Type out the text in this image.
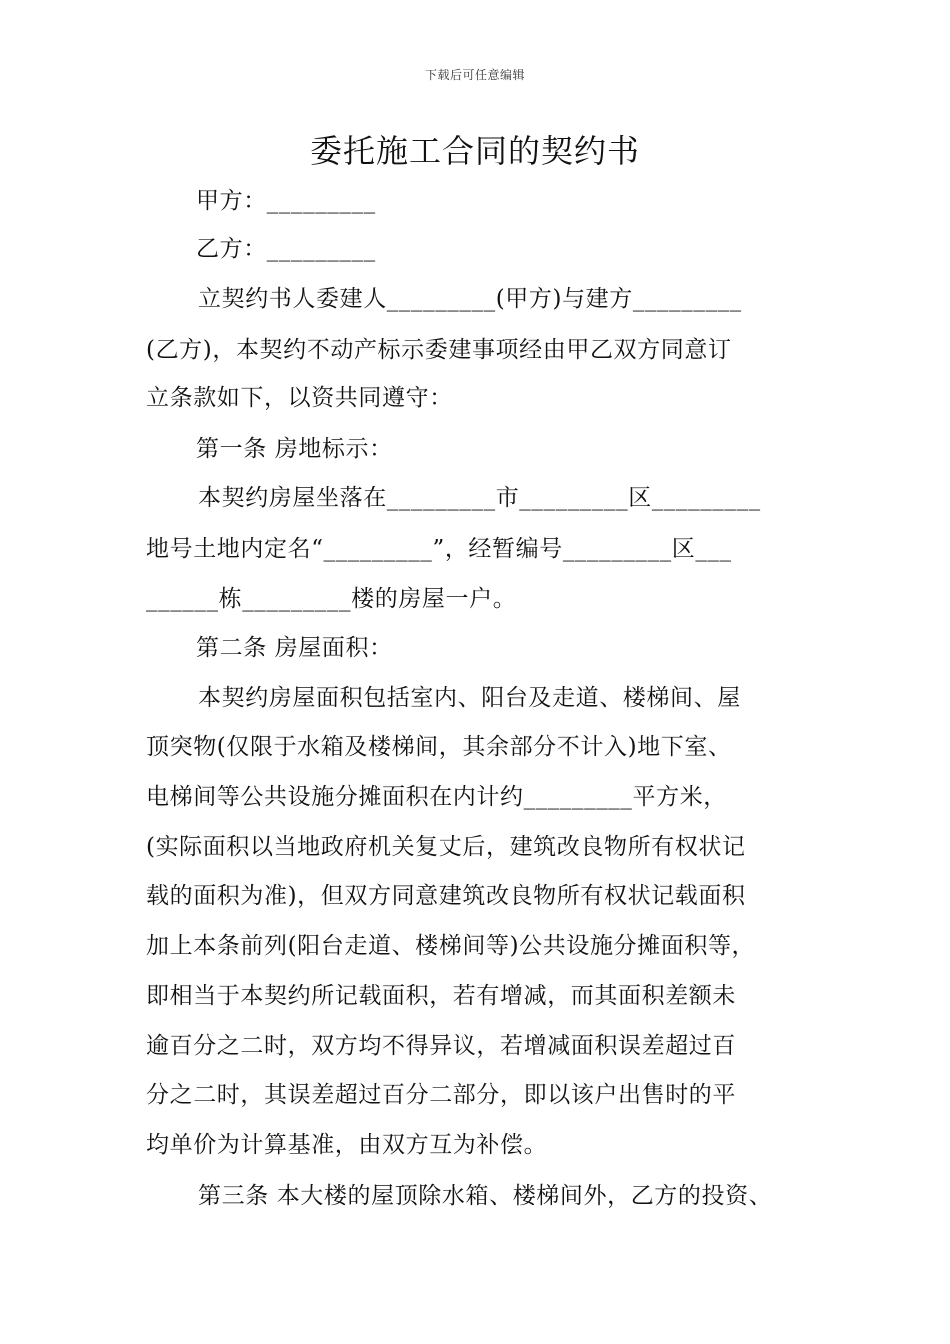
下载后可任意编辑
委托施工合同的契约书
甲方：_________
乙方：_________
立契约书人委建人_________(甲方)与建方_________
(乙方)，本契约不动产标示委建事项经由甲乙双方同意订
立条款如下，以资共同遵守：
第一条 房地标示：
本契约房屋坐落在_________市_________区_________
地号土地内定名“_________”，经暂编号_________区___
______栋_________楼的房屋一户。
第二条 房屋面积：
本契约房屋面积包括室内、阳台及走道、楼梯间、屋
顶突物(仅限于水箱及楼梯间，其余部分不计入)地下室、
电梯间等公共设施分摊面积在内计约_________平方米，
(实际面积以当地政府机关复丈后，建筑改良物所有权状记
载的面积为准)，但双方同意建筑改良物所有权状记载面积
加上本条前列(阳台走道、楼梯间等)公共设施分摊面积等，
即相当于本契约所记载面积，若有增减，而其面积差额未
逾百分之二时，双方均不得异议，若增减面积误差超过百
分之二时，其误差超过百分二部分，即以该户出售时的平
均单价为计算基准，由双方互为补偿。
第三条 本大楼的屋顶除水箱、楼梯间外，乙方的投资、
